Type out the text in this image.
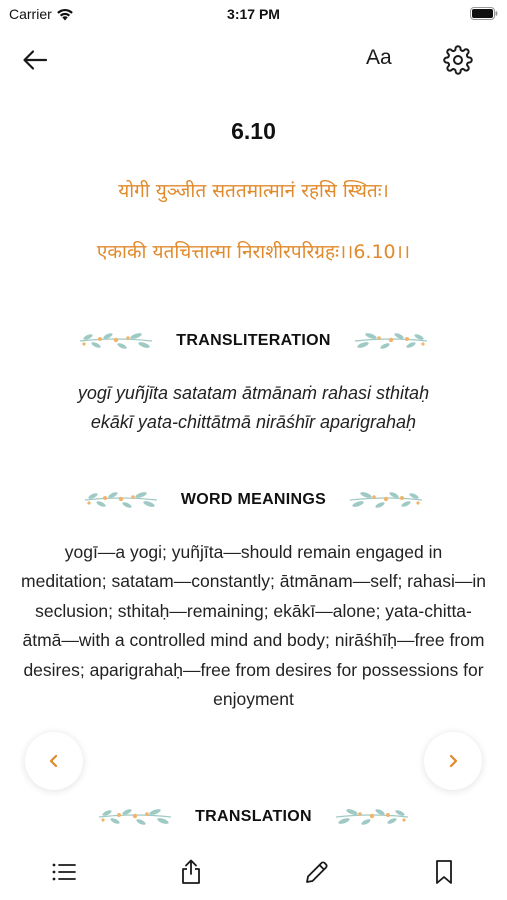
Carrier	3:17 PM
Aa
6.10
योगी युञ्जीत सततमात्मानं रहसि स्थितः।
एकाकी यतचित्तात्मा निराशीरपरिग्रहः।।6.10।।
TRANSLITERATION
yogī yuñjīta satatam ātmānaṁ rahasi sthitaḥ
ekākī yata-chittātmā nirāśhīr aparigrahaḥ
WORD MEANINGS
yogī—a yogi; yuñjīta—should remain engaged in meditation; satatam—constantly; ātmānam—self; rahasi—in seclusion; sthitaḥ—remaining; ekākī—alone; yata-chitta-ātmā—with a controlled mind and body; nirāśhīḥ—free from desires; aparigrahaḥ—free from desires for possessions for enjoyment
TRANSLATION
